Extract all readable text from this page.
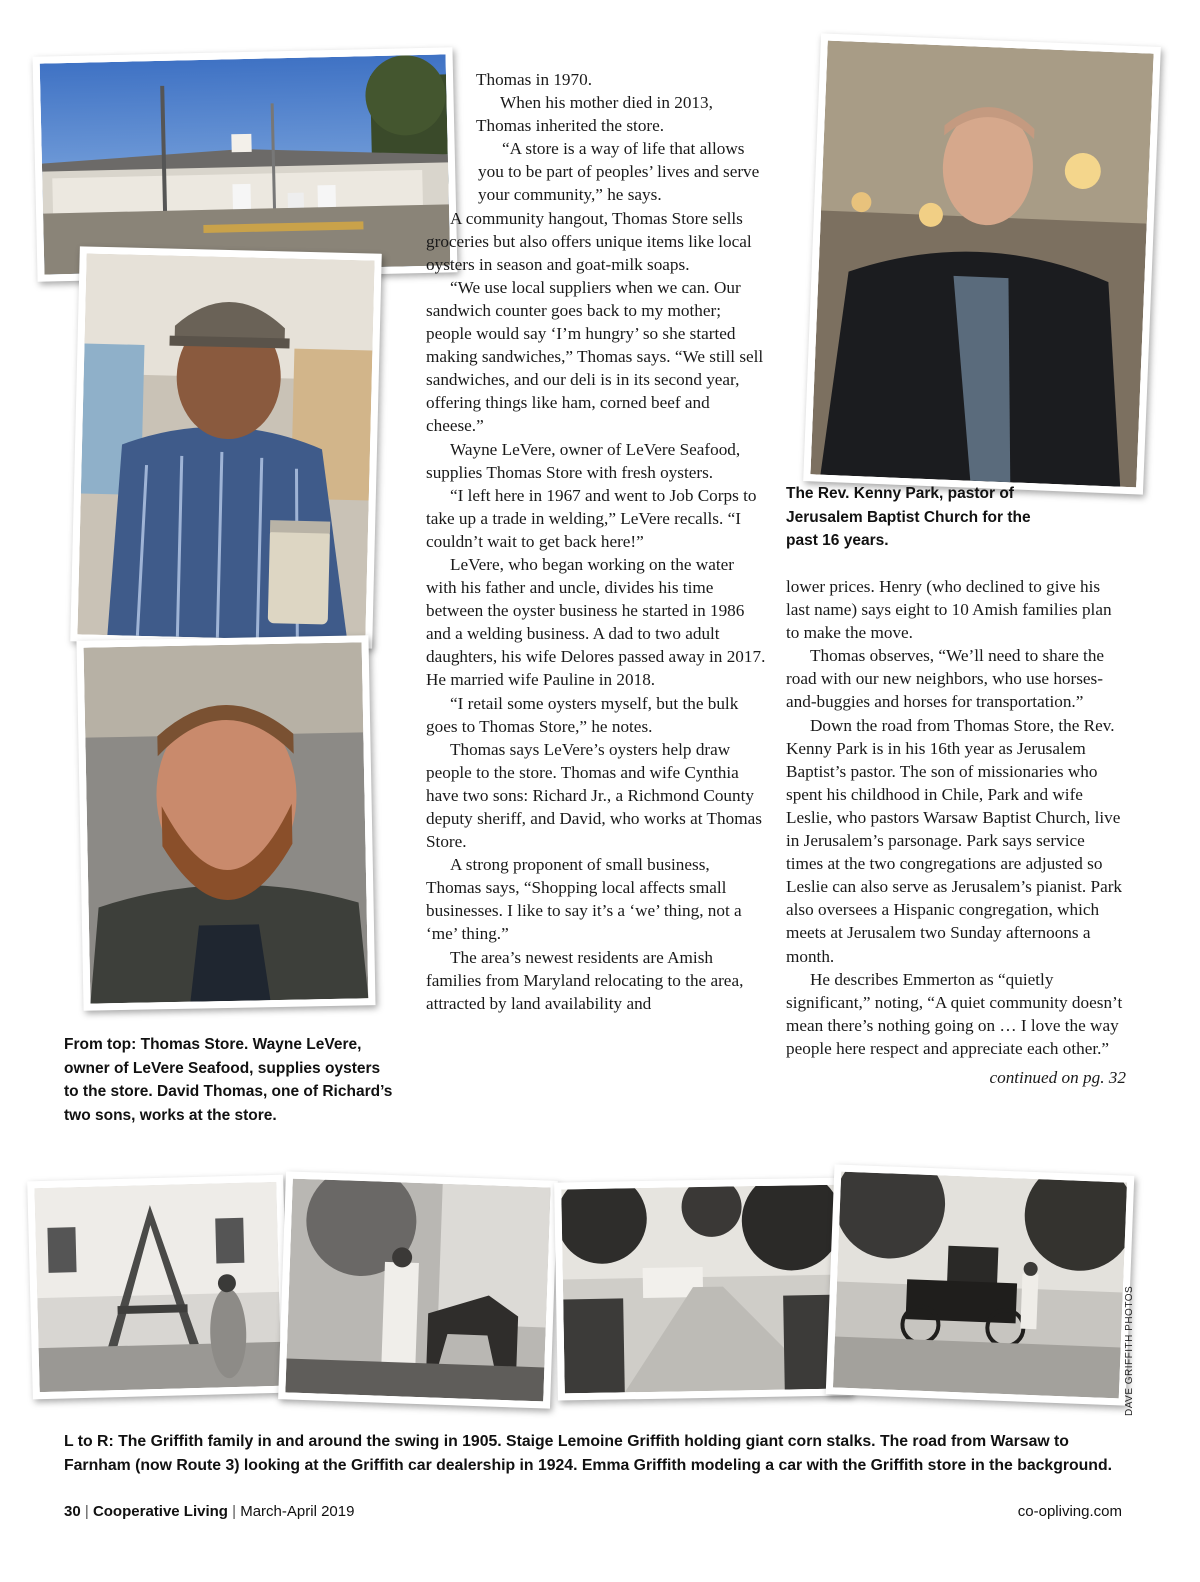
Thomas in 1970.

When his mother died in 2013, Thomas inherited the store.

“A store is a way of life that allows you to be part of peoples’ lives and serve your community,” he says.

A community hangout, Thomas Store sells groceries but also offers unique items like local oysters in season and goat-milk soaps.

“We use local suppliers when we can. Our sandwich counter goes back to my mother; people would say ‘I’m hungry’ so she started making sandwiches,” Thomas says. “We still sell sandwiches, and our deli is in its second year, offering things like ham, corned beef and cheese.”

Wayne LeVere, owner of LeVere Seafood, supplies Thomas Store with fresh oysters.

“I left here in 1967 and went to Job Corps to take up a trade in welding,” LeVere recalls. “I couldn’t wait to get back here!”

LeVere, who began working on the water with his father and uncle, divides his time between the oyster business he started in 1986 and a welding business. A dad to two adult daughters, his wife Delores passed away in 2017. He married wife Pauline in 2018.

“I retail some oysters myself, but the bulk goes to Thomas Store,” he notes.

Thomas says LeVere’s oysters help draw people to the store. Thomas and wife Cynthia have two sons: Richard Jr., a Richmond County deputy sheriff, and David, who works at Thomas Store.

A strong proponent of small business, Thomas says, “Shopping local affects small businesses. I like to say it’s a ‘we’ thing, not a ‘me’ thing.”

The area’s newest residents are Amish families from Maryland relocating to the area, attracted by land availability and

lower prices. Henry (who declined to give his last name) says eight to 10 Amish families plan to make the move.

Thomas observes, “We’ll need to share the road with our new neighbors, who use horses-and-buggies and horses for transportation.”

Down the road from Thomas Store, the Rev. Kenny Park is in his 16th year as Jerusalem Baptist’s pastor. The son of missionaries who spent his childhood in Chile, Park and wife Leslie, who pastors Warsaw Baptist Church, live in Jerusalem’s parsonage. Park says service times at the two congregations are adjusted so Leslie can also serve as Jerusalem’s pianist. Park also oversees a Hispanic congregation, which meets at Jerusalem two Sunday afternoons a month.

He describes Emmerton as “quietly significant,” noting, “A quiet community doesn’t mean there’s nothing going on … I love the way people here respect and appreciate each other.”

continued on pg. 32

From top: Thomas Store. Wayne LeVere, owner of LeVere Seafood, supplies oysters to the store. David Thomas, one of Richard’s two sons, works at the store.
The Rev. Kenny Park, pastor of Jerusalem Baptist Church for the past 16 years.
DAVE GRIFFITH PHOTOS
L to R: The Griffith family in and around the swing in 1905. Staige Lemoine Griffith holding giant corn stalks. The road from Warsaw to Farnham (now Route 3) looking at the Griffith car dealership in 1924. Emma Griffith modeling a car with the Griffith store in the background.
30 | Cooperative Living | March-April 2019	co-opliving.com
